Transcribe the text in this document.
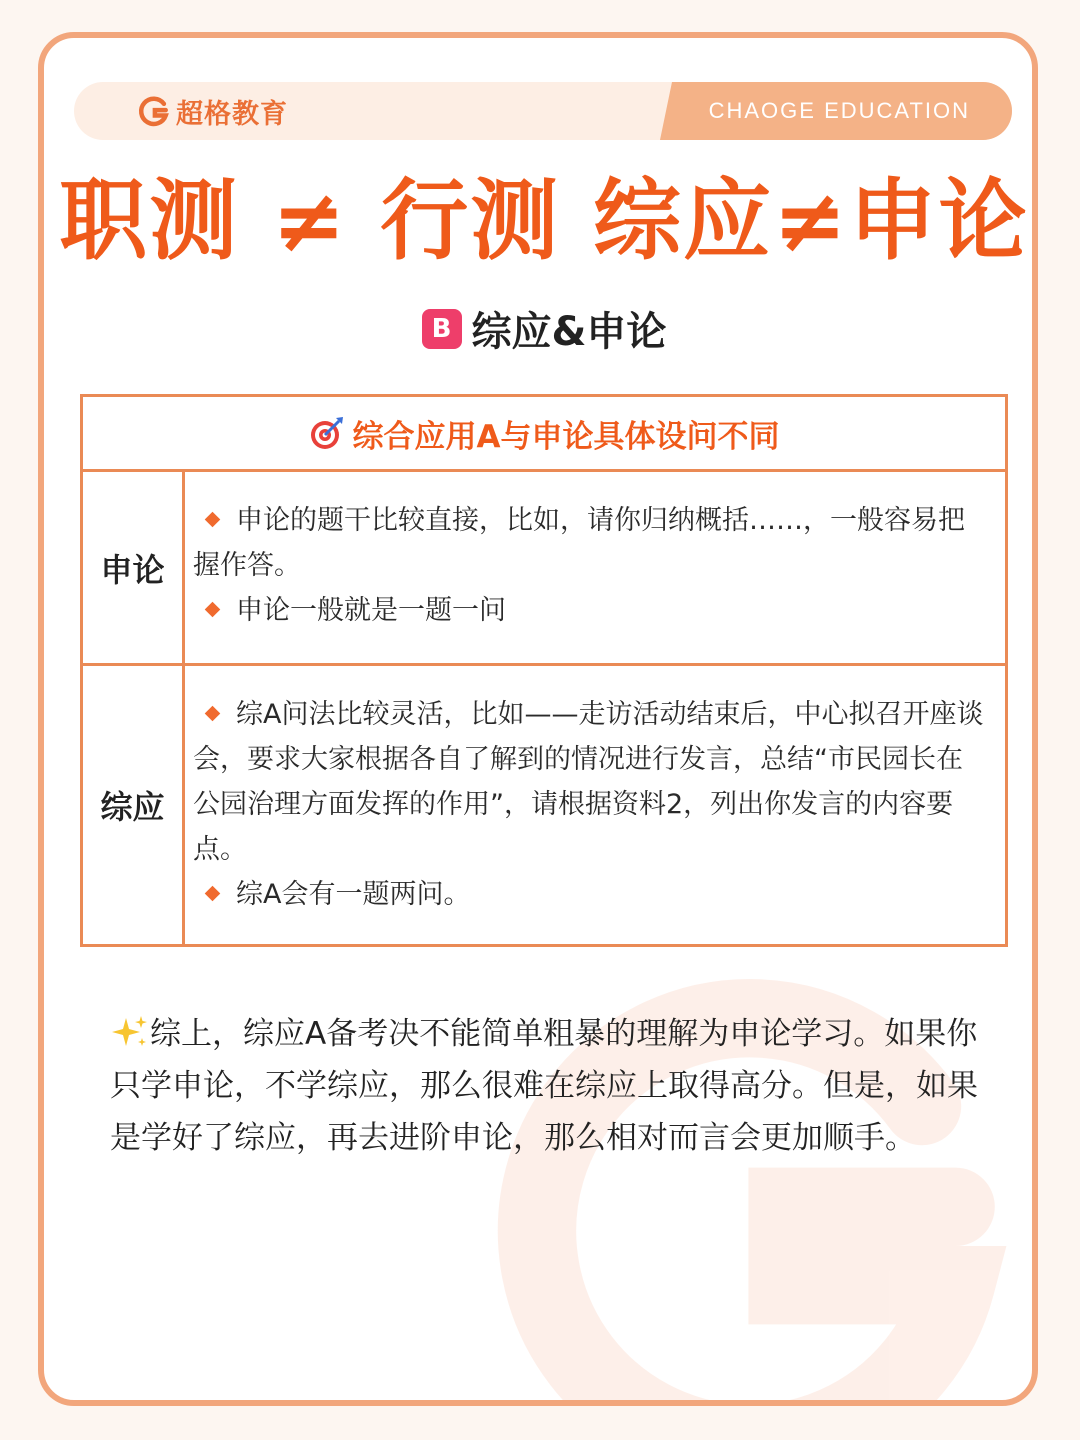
超格教育	CHAOGE EDUCATION
职测 ≠ 行测 综应≠申论
B 综应&申论
综合应用A与申论具体设问不同
申论
申论的题干比较直接，比如，请你归纳概括……，一般容易把握作答。
申论一般就是一题一问
综应
综A问法比较灵活，比如——走访活动结束后，中心拟召开座谈会，要求大家根据各自了解到的情况进行发言，总结“市民园长在公园治理方面发挥的作用”，请根据资料2，列出你发言的内容要点。
综A会有一题两问。
综上，综应A备考决不能简单粗暴的理解为申论学习。如果你只学申论，不学综应，那么很难在综应上取得高分。但是，如果是学好了综应，再去进阶申论，那么相对而言会更加顺手。
